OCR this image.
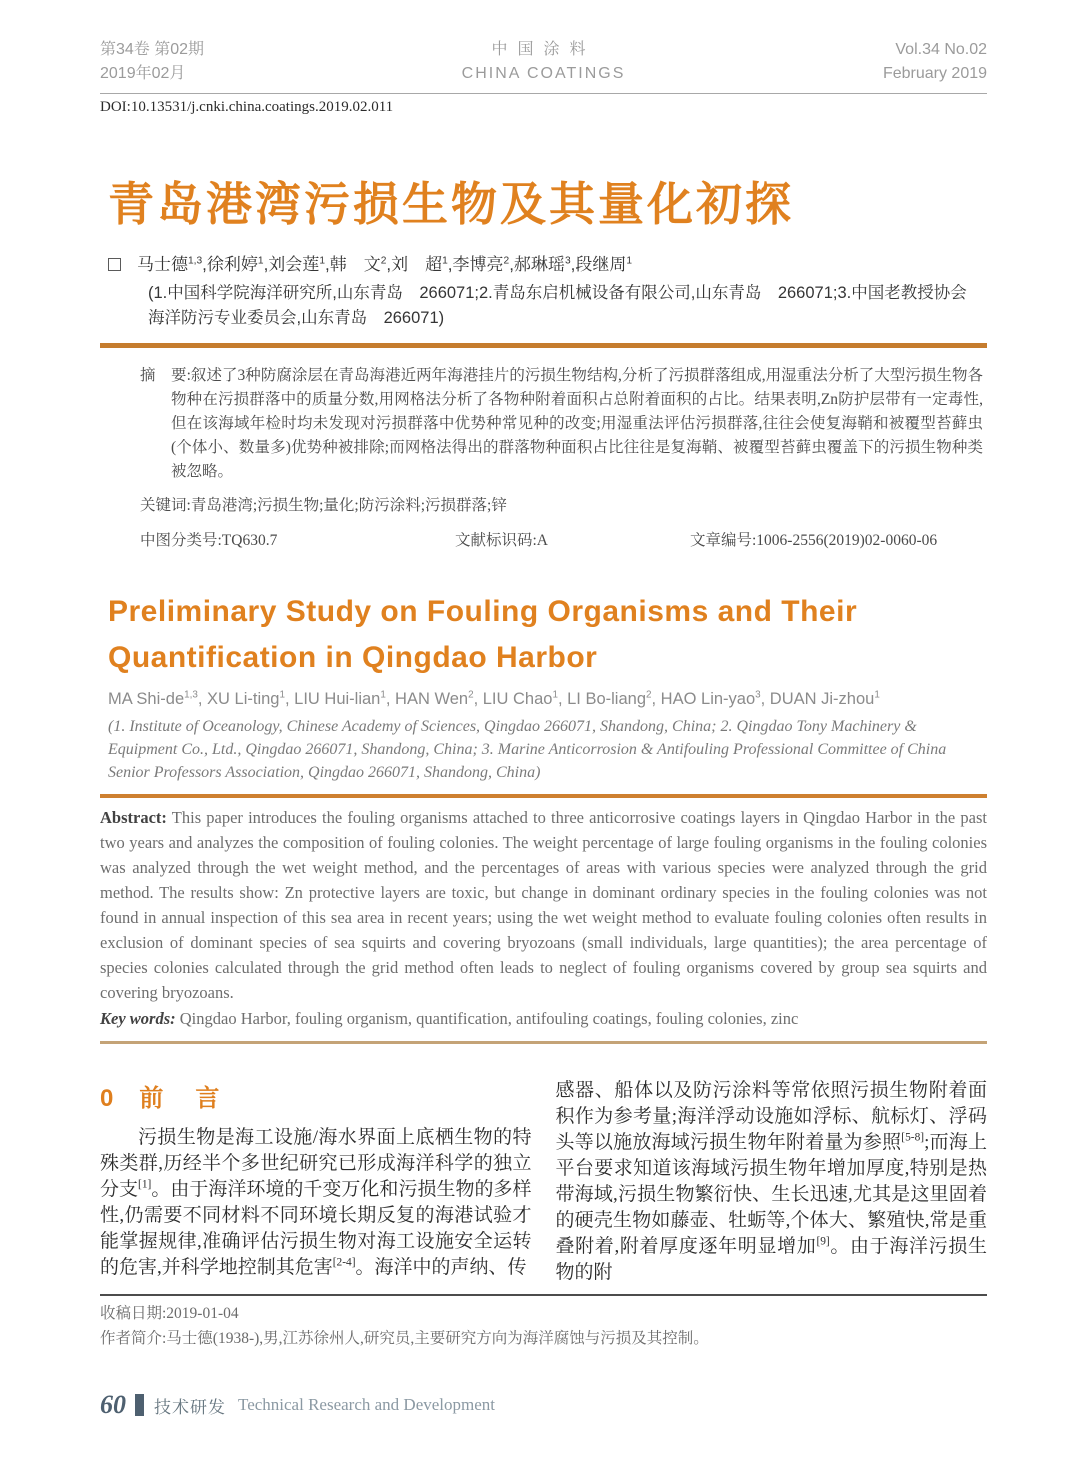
第34卷 第02期
2019年02月
中国涂料
CHINA COATINGS
Vol.34 No.02
February 2019
DOI:10.13531/j.cnki.china.coatings.2019.02.011
青岛港湾污损生物及其量化初探
马士德$^{1,3}$,徐利婷$^1$,刘会莲$^1$,韩　文$^2$,刘　超$^1$,李博亮$^2$,郝琳瑶$^3$,段继周$^1$
(1.中国科学院海洋研究所,山东青岛　266071;2.青岛东启机械设备有限公司,山东青岛　266071;3.中国老教授协会海洋防污专业委员会,山东青岛　266071)

摘　要:叙述了3种防腐涂层在青岛海港近两年海港挂片的污损生物结构,分析了污损群落组成,用湿重法分析了大型污损生物各物种在污损群落中的质量分数,用网格法分析了各物种附着面积占总附着面积的占比。结果表明,Zn防护层带有一定毒性,但在该海域年检时均未发现对污损群落中优势种常见种的改变;用湿重法评估污损群落,往往会使复海鞘和被覆型苔藓虫(个体小、数量多)优势种被排除;而网格法得出的群落物种面积占比往往是复海鞘、被覆型苔藓虫覆盖下的污损生物种类被忽略。

关键词:青岛港湾;污损生物;量化;防污涂料;污损群落;锌

中图分类号:TQ630.7	文献标识码:A	文章编号:1006-2556(2019)02-0060-06
Preliminary Study on Fouling Organisms and Their
Quantification in Qingdao Harbor
MA Shi-de$^{1,3}$, XU Li-ting$^1$, LIU Hui-lian$^1$, HAN Wen$^2$, LIU Chao$^1$, LI Bo-liang$^2$, HAO Lin-yao$^3$, DUAN Ji-zhou$^1$
(1. Institute of Oceanology, Chinese Academy of Sciences, Qingdao 266071, Shandong, China; 2. Qingdao Tony Machinery & Equipment Co., Ltd., Qingdao 266071, Shandong, China; 3. Marine Anticorrosion & Antifouling Professional Committee of China Senior Professors Association, Qingdao 266071, Shandong, China)

Abstract: This paper introduces the fouling organisms attached to three anticorrosive coatings layers in Qingdao Harbor in the past two years and analyzes the composition of fouling colonies. The weight percentage of large fouling organisms in the fouling colonies was analyzed through the wet weight method, and the percentages of areas with various species were analyzed through the grid method. The results show: Zn protective layers are toxic, but change in dominant ordinary species in the fouling colonies was not found in annual inspection of this sea area in recent years; using the wet weight method to evaluate fouling colonies often results in exclusion of dominant species of sea squirts and covering bryozoans (small individuals, large quantities); the area percentage of species colonies calculated through the grid method often leads to neglect of fouling organisms covered by group sea squirts and covering bryozoans.

Key words: Qingdao Harbor, fouling organism, quantification, antifouling coatings, fouling colonies, zinc

0 前　言

污损生物是海工设施/海水界面上底栖生物的特殊类群,历经半个多世纪研究已形成海洋科学的独立分支[1]。由于海洋环境的千变万化和污损生物的多样性,仍需要不同材料不同环境长期反复的海港试验才能掌握规律,准确评估污损生物对海工设施安全运转的危害,并科学地控制其危害[2-4]。海洋中的声纳、传

感器、船体以及防污涂料等常依照污损生物附着面积作为参考量;海洋浮动设施如浮标、航标灯、浮码头等以施放海域污损生物年附着量为参照[5-8];而海上平台要求知道该海域污损生物年增加厚度,特别是热带海域,污损生物繁衍快、生长迅速,尤其是这里固着的硬壳生物如藤壶、牡蛎等,个体大、繁殖快,常是重叠附着,附着厚度逐年明显增加[9]。由于海洋污损生物的附

收稿日期:2019-01-04
作者简介:马士德(1938-),男,江苏徐州人,研究员,主要研究方向为海洋腐蚀与污损及其控制。
60 技术研发 Technical Research and Development
